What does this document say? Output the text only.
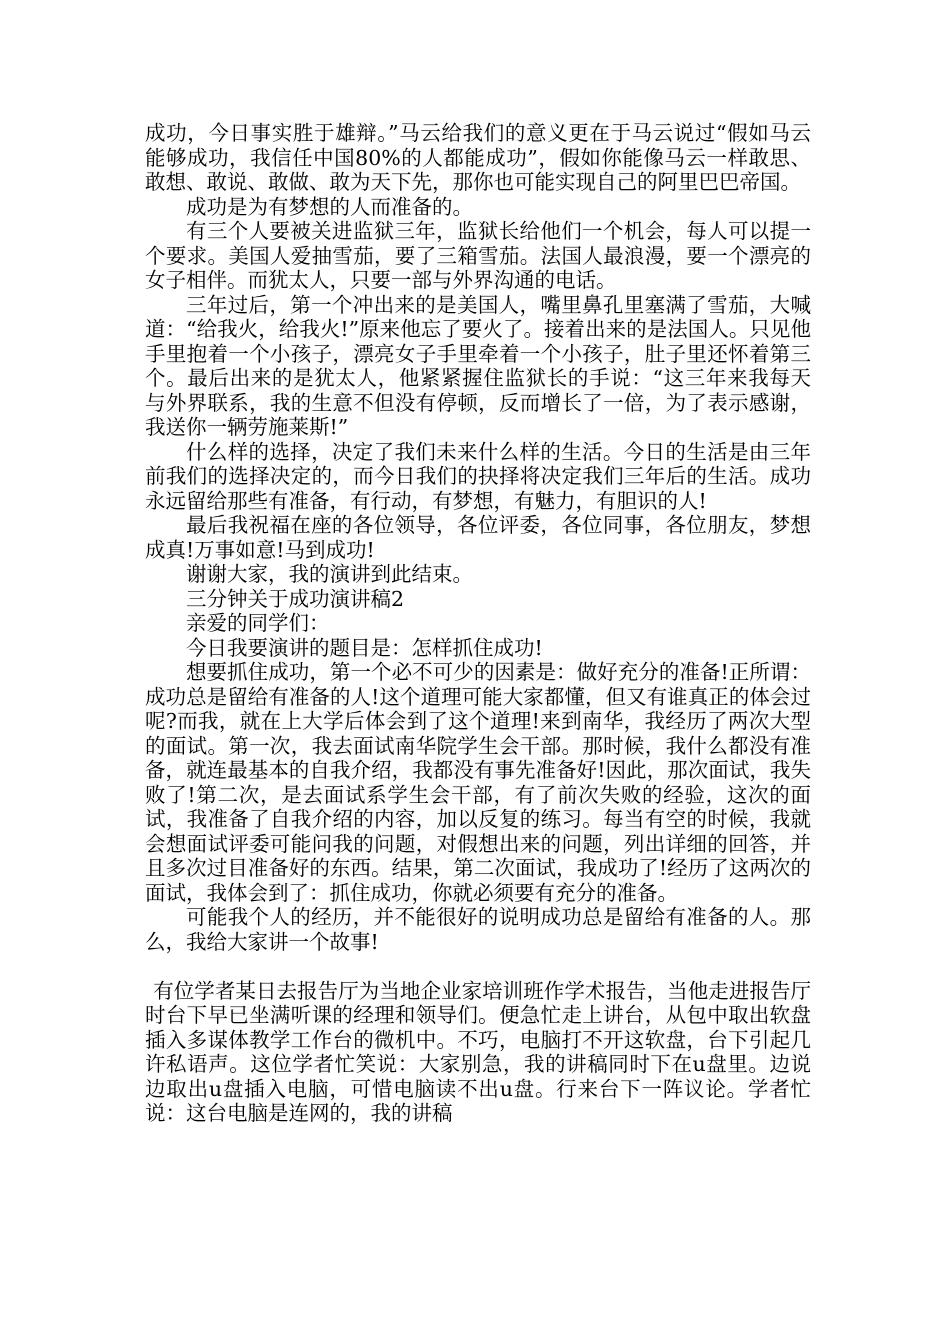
成功，今日事实胜于雄辩。”马云给我们的意义更在于马云说过“假如马云能够成功，我信任中国80%的人都能成功”，假如你能像马云一样敢思、敢想、敢说、敢做、敢为天下先，那你也可能实现自己的阿里巴巴帝国。

成功是为有梦想的人而准备的。

有三个人要被关进监狱三年，监狱长给他们一个机会，每人可以提一个要求。美国人爱抽雪茄，要了三箱雪茄。法国人最浪漫，要一个漂亮的女子相伴。而犹太人，只要一部与外界沟通的电话。

三年过后，第一个冲出来的是美国人，嘴里鼻孔里塞满了雪茄，大喊道：“给我火，给我火!”原来他忘了要火了。接着出来的是法国人。只见他手里抱着一个小孩子，漂亮女子手里牵着一个小孩子，肚子里还怀着第三个。最后出来的是犹太人，他紧紧握住监狱长的手说：“这三年来我每天与外界联系，我的生意不但没有停顿，反而增长了一倍，为了表示感谢，我送你一辆劳施莱斯!”

什么样的选择，决定了我们未来什么样的生活。今日的生活是由三年前我们的选择决定的，而今日我们的抉择将决定我们三年后的生活。成功永远留给那些有准备，有行动，有梦想，有魅力，有胆识的人!

最后我祝福在座的各位领导，各位评委，各位同事，各位朋友，梦想成真!万事如意!马到成功!

谢谢大家，我的演讲到此结束。

三分钟关于成功演讲稿2

亲爱的同学们：

今日我要演讲的题目是：怎样抓住成功!

想要抓住成功，第一个必不可少的因素是：做好充分的准备!正所谓：成功总是留给有准备的人!这个道理可能大家都懂，但又有谁真正的体会过呢?而我，就在上大学后体会到了这个道理!来到南华，我经历了两次大型的面试。第一次，我去面试南华院学生会干部。那时候，我什么都没有准备，就连最基本的自我介绍，我都没有事先准备好!因此，那次面试，我失败了!第二次，是去面试系学生会干部，有了前次失败的经验，这次的面试，我准备了自我介绍的内容，加以反复的练习。每当有空的时候，我就会想面试评委可能问我的问题，对假想出来的问题，列出详细的回答，并且多次过目准备好的东西。结果，第二次面试，我成功了!经历了这两次的面试，我体会到了：抓住成功，你就必须要有充分的准备。

可能我个人的经历，并不能很好的说明成功总是留给有准备的人。那么，我给大家讲一个故事!

有位学者某日去报告厅为当地企业家培训班作学术报告，当他走进报告厅时台下早已坐满听课的经理和领导们。便急忙走上讲台，从包中取出软盘插入多谋体教学工作台的微机中。不巧，电脑打不开这软盘，台下引起几许私语声。这位学者忙笑说：大家别急，我的讲稿同时下在u盘里。边说边取出u盘插入电脑，可惜电脑读不出u盘。行来台下一阵议论。学者忙说：这台电脑是连网的，我的讲稿
